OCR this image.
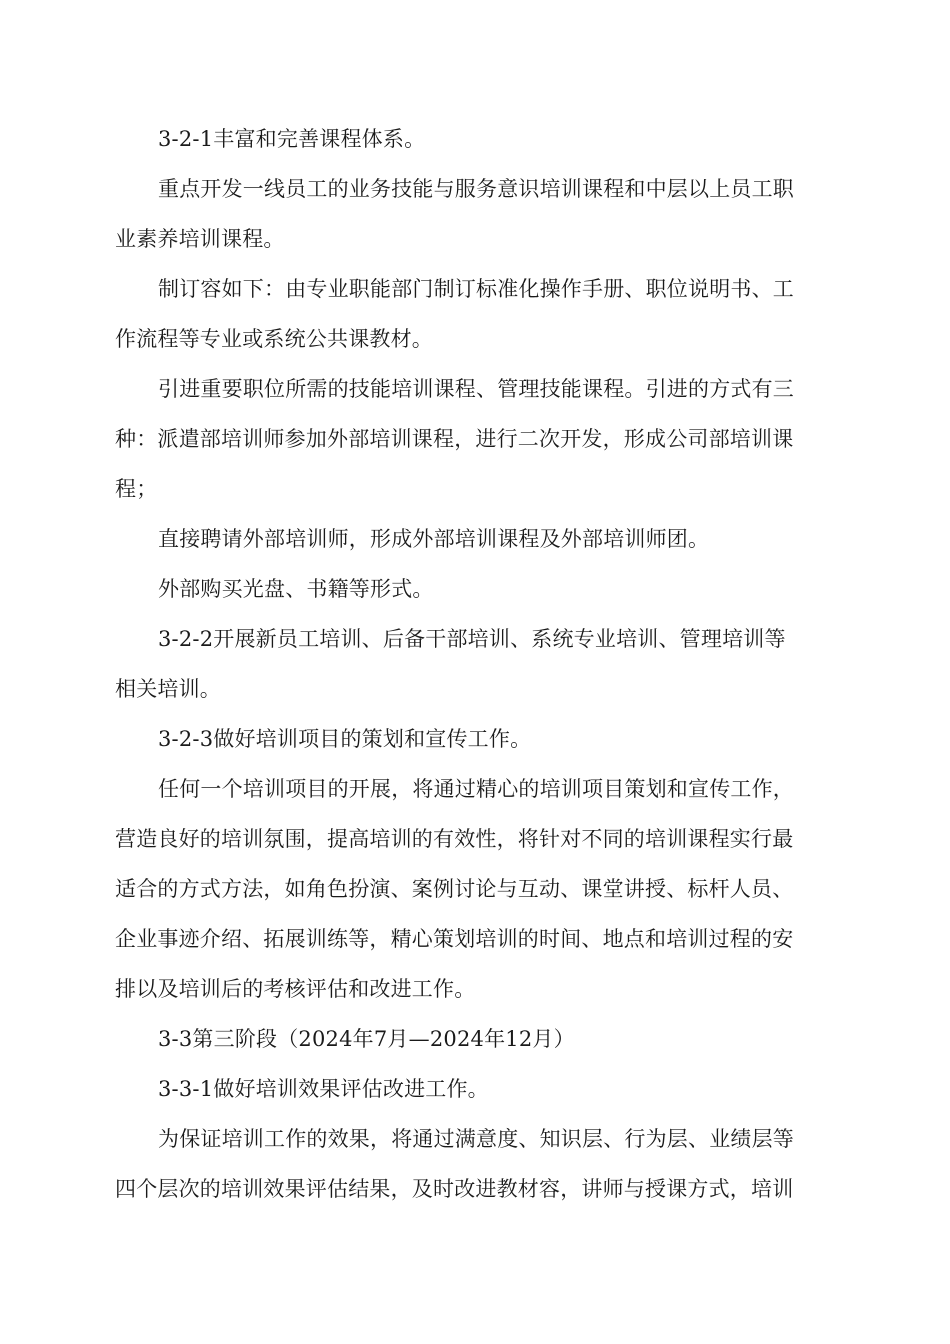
3-2-1丰富和完善课程体系。
重点开发一线员工的业务技能与服务意识培训课程和中层以上员工职
业素养培训课程。
制订容如下：由专业职能部门制订标准化操作手册、职位说明书、工
作流程等专业或系统公共课教材。
引进重要职位所需的技能培训课程、管理技能课程。引进的方式有三
种：派遣部培训师参加外部培训课程，进行二次开发，形成公司部培训课
程；
直接聘请外部培训师，形成外部培训课程及外部培训师团。
外部购买光盘、书籍等形式。
3-2-2开展新员工培训、后备干部培训、系统专业培训、管理培训等
相关培训。
3-2-3做好培训项目的策划和宣传工作。
任何一个培训项目的开展，将通过精心的培训项目策划和宣传工作，
营造良好的培训氛围，提高培训的有效性，将针对不同的培训课程实行最
适合的方式方法，如角色扮演、案例讨论与互动、课堂讲授、标杆人员、
企业事迹介绍、拓展训练等，精心策划培训的时间、地点和培训过程的安
排以及培训后的考核评估和改进工作。
3-3第三阶段（2024年7月—2024年12月）
3-3-1做好培训效果评估改进工作。
为保证培训工作的效果，将通过满意度、知识层、行为层、业绩层等
四个层次的培训效果评估结果，及时改进教材容，讲师与授课方式，培训
